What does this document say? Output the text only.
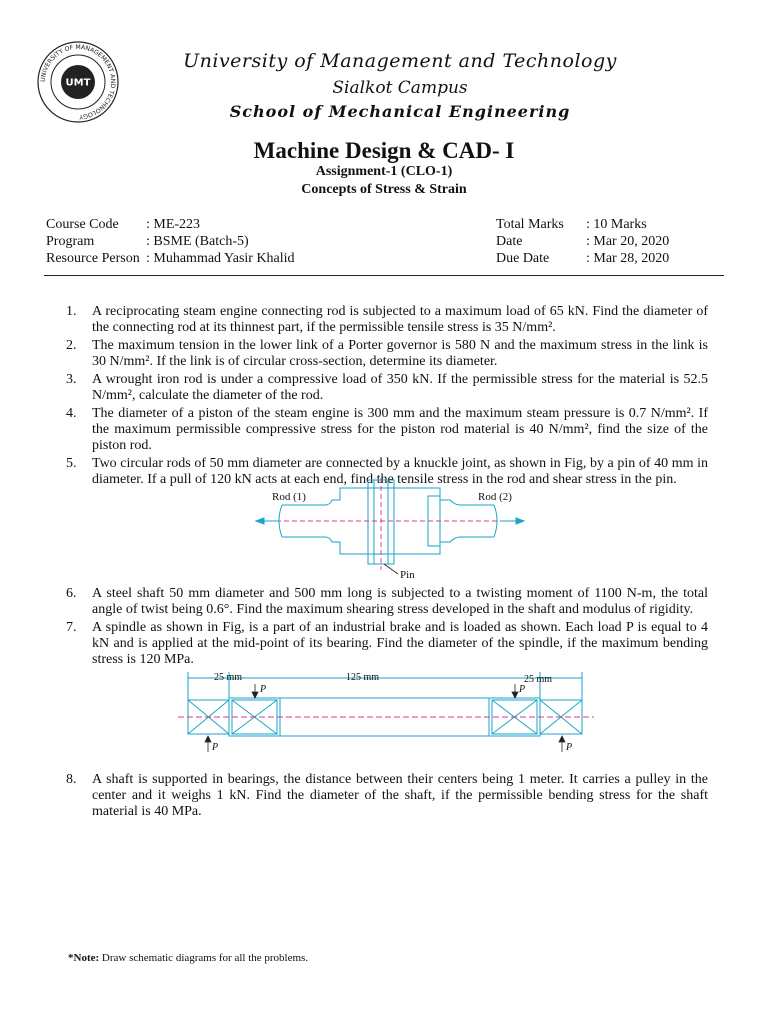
UNIVERSITY OF MANAGEMENT AND TECHNOLOGY
UMT
University of Management and Technology
Sialkot Campus
School of Mechanical Engineering
Machine Design & CAD- I
Assignment-1 (CLO-1)
Concepts of Stress & Strain
Course Code	: ME-223
Program	: BSME (Batch-5)
Resource Person : Muhammad Yasir Khalid
Total Marks	: 10 Marks
Date	: Mar 20, 2020
Due Date	: Mar 28, 2020
1.	A reciprocating steam engine connecting rod is subjected to a maximum load of 65 kN. Find the diameter of the connecting rod at its thinnest part, if the permissible tensile stress is 35 N/mm².
2.	The maximum tension in the lower link of a Porter governor is 580 N and the maximum stress in the link is 30 N/mm². If the link is of circular cross-section, determine its diameter.
3.	A wrought iron rod is under a compressive load of 350 kN. If the permissible stress for the material is 52.5 N/mm², calculate the diameter of the rod.
4.	The diameter of a piston of the steam engine is 300 mm and the maximum steam pressure is 0.7 N/mm². If the maximum permissible compressive stress for the piston rod material is 40 N/mm², find the size of the piston rod.
5.	Two circular rods of 50 mm diameter are connected by a knuckle joint, as shown in Fig, by a pin of 40 mm in diameter. If a pull of 120 kN acts at each end, find the tensile stress in the rod and shear stress in the pin.
Rod (1)	Rod (2)
Pin
6.	A steel shaft 50 mm diameter and 500 mm long is subjected to a twisting moment of 1100 N-m, the total angle of twist being 0.6°. Find the maximum shearing stress developed in the shaft and modulus of rigidity.
7.	A spindle as shown in Fig, is a part of an industrial brake and is loaded as shown. Each load P is equal to 4 kN and is applied at the mid-point of its bearing. Find the diameter of the spindle, if the maximum bending stress is 120 MPa.
25 mm	125 mm	25 mm
P	P
P	P
8.	A shaft is supported in bearings, the distance between their centers being 1 meter. It carries a pulley in the center and it weighs 1 kN. Find the diameter of the shaft, if the permissible bending stress for the shaft material is 40 MPa.
*Note: Draw schematic diagrams for all the problems.
